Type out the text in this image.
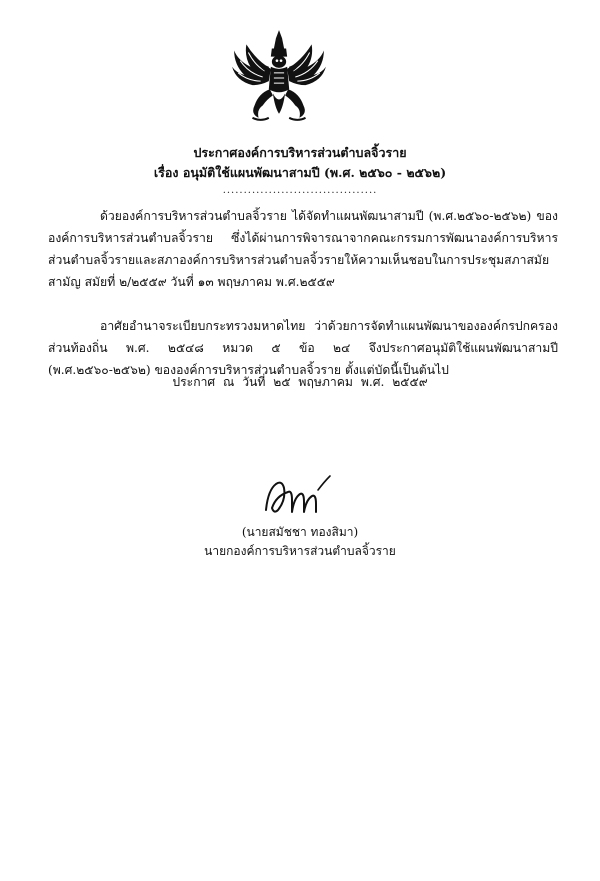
ประกาศองค์การบริหารส่วนตำบลจิ้วราย
เรื่อง อนุมัติใช้แผนพัฒนาสามปี (พ.ศ. ๒๕๖๐ - ๒๕๖๒)
.....................................

ด้วยองค์การบริหารส่วนตำบลจิ้วราย ได้จัดทำแผนพัฒนาสามปี (พ.ศ.๒๕๖๐-๒๕๖๒) ขององค์การบริหารส่วนตำบลจิ้วราย ซึ่งได้ผ่านการพิจารณาจากคณะกรรมการพัฒนาองค์การบริหารส่วนตำบลจิ้วรายและสภาองค์การบริหารส่วนตำบลจิ้วรายให้ความเห็นชอบในการประชุมสภาสมัยสามัญ สมัยที่ ๒/๒๕๕๙ วันที่ ๑๓ พฤษภาคม พ.ศ.๒๕๕๙

อาศัยอำนาจระเบียบกระทรวงมหาดไทย ว่าด้วยการจัดทำแผนพัฒนาขององค์กรปกครองส่วนท้องถิ่น พ.ศ. ๒๕๔๘ หมวด ๕ ข้อ ๒๔ จึงประกาศอนุมัติใช้แผนพัฒนาสามปี (พ.ศ.๒๕๖๐-๒๕๖๒) ขององค์การบริหารส่วนตำบลจิ้วราย ตั้งแต่บัดนี้เป็นต้นไป

ประกาศ ณ วันที่ ๒๕ พฤษภาคม พ.ศ. ๒๕๕๙
(นายสมัชชา ทองสิมา)
นายกองค์การบริหารส่วนตำบลจิ้วราย
